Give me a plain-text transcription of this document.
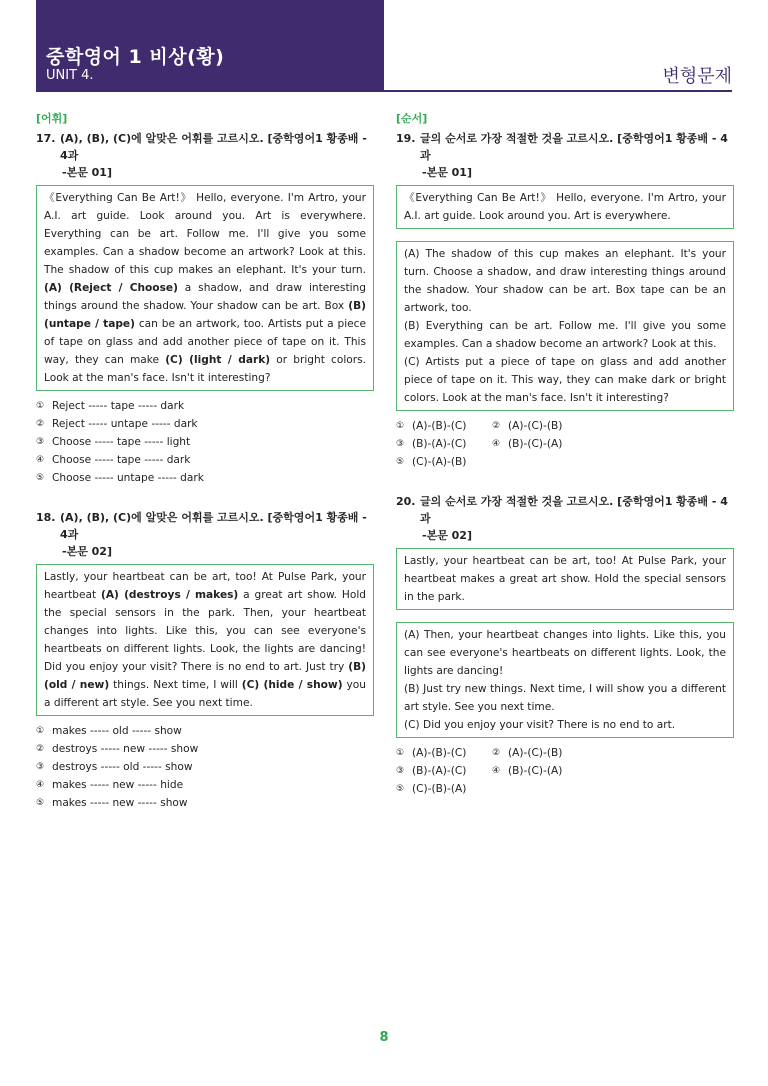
중학영어 1 비상(황)
UNIT 4.	변형문제
[어휘]
17. (A), (B), (C)에 알맞은 어휘를 고르시오. [중학영어1 황종배 - 4과
-본문 01]
《Everything Can Be Art!》 Hello, everyone. I'm Artro, your A.I. art guide. Look around you. Art is everywhere. Everything can be art. Follow me. I'll give you some examples. Can a shadow become an artwork? Look at this. The shadow of this cup makes an elephant. It's your turn. (A) (Reject / Choose) a shadow, and draw interesting things around the shadow. Your shadow can be art. Box (B) (untape / tape) can be an artwork, too. Artists put a piece of tape on glass and add another piece of tape on it. This way, they can make (C) (light / dark) or bright colors. Look at the man's face. Isn't it interesting?
① Reject ----- tape ----- dark
② Reject ----- untape ----- dark
③ Choose ----- tape ----- light
④ Choose ----- tape ----- dark
⑤ Choose ----- untape ----- dark
18. (A), (B), (C)에 알맞은 어휘를 고르시오. [중학영어1 황종배 - 4과
-본문 02]
Lastly, your heartbeat can be art, too! At Pulse Park, your heartbeat (A) (destroys / makes) a great art show. Hold the special sensors in the park. Then, your heartbeat changes into lights. Like this, you can see everyone's heartbeats on different lights. Look, the lights are dancing! Did you enjoy your visit? There is no end to art. Just try (B) (old / new) things. Next time, I will (C) (hide / show) you a different art style. See you next time.
① makes ----- old ----- show
② destroys ----- new ----- show
③ destroys ----- old ----- show
④ makes ----- new ----- hide
⑤ makes ----- new ----- show
[순서]
19. 글의 순서로 가장 적절한 것을 고르시오. [중학영어1 황종배 - 4과
-본문 01]

《Everything Can Be Art!》 Hello, everyone. I'm Artro, your A.I. art guide. Look around you. Art is everywhere.

(A) The shadow of this cup makes an elephant. It's your turn. Choose a shadow, and draw interesting things around the shadow. Your shadow can be art. Box tape can be an artwork, too.

(B) Everything can be art. Follow me. I'll give you some examples. Can a shadow become an artwork? Look at this.

(C) Artists put a piece of tape on glass and add another piece of tape on it. This way, they can make dark or bright colors. Look at the man's face. Isn't it interesting?

① (A)-(B)-(C)	② (A)-(C)-(B)
③ (B)-(A)-(C)	④ (B)-(C)-(A)
⑤ (C)-(A)-(B)
20. 글의 순서로 가장 적절한 것을 고르시오. [중학영어1 황종배 - 4과
-본문 02]

Lastly, your heartbeat can be art, too! At Pulse Park, your heartbeat makes a great art show. Hold the special sensors in the park.

(A) Then, your heartbeat changes into lights. Like this, you can see everyone's heartbeats on different lights. Look, the lights are dancing!

(B) Just try new things. Next time, I will show you a different art style. See you next time.

(C) Did you enjoy your visit? There is no end to art.

① (A)-(B)-(C)	② (A)-(C)-(B)
③ (B)-(A)-(C)	④ (B)-(C)-(A)
⑤ (C)-(B)-(A)
8
